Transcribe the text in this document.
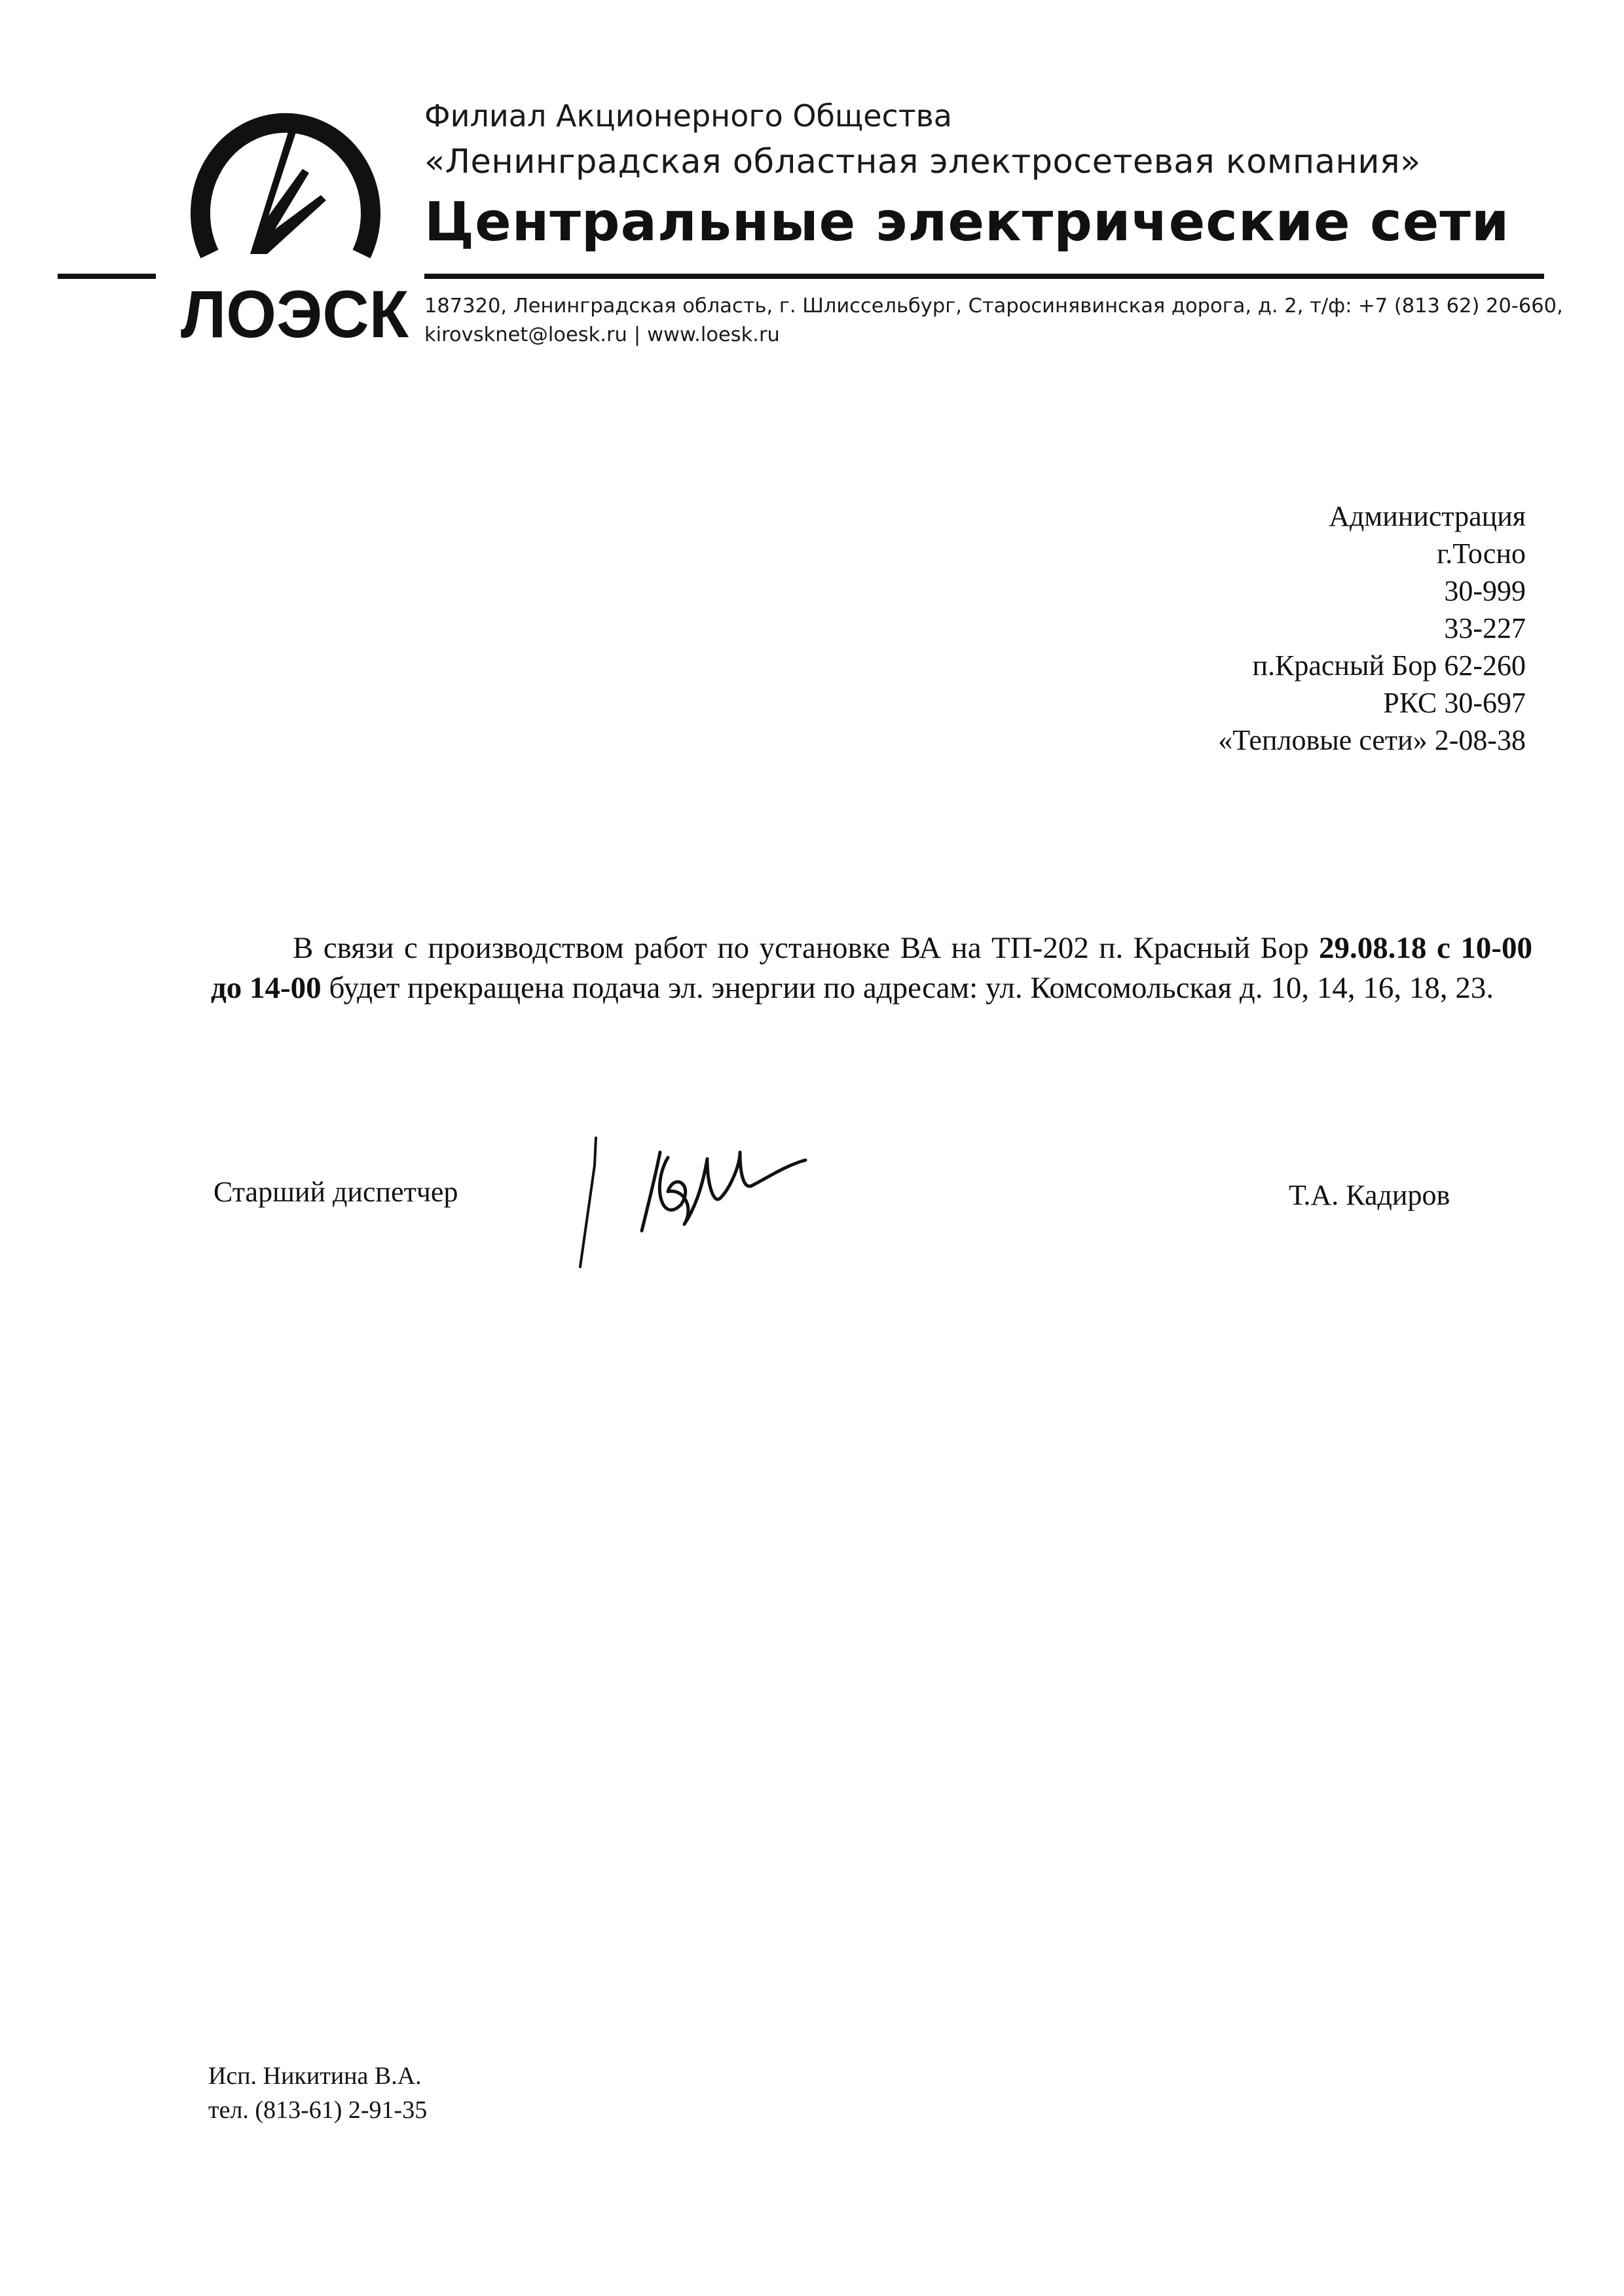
ЛОЭСК
Филиал Акционерного Общества
«Ленинградская областная электросетевая компания»
Центральные электрические сети
187320, Ленинградская область, г. Шлиссельбург, Старосинявинская дорога, д. 2, т/ф: +7 (813 62) 20-660,
kirovsknet@loesk.ru | www.loesk.ru
Администрация
г.Тосно
30-999
33-227
п.Красный Бор 62-260
РКС 30-697
«Тепловые сети» 2-08-38
В связи с производством работ по установке ВА на ТП-202 п. Красный Бор 29.08.18 с 10-00 до 14-00 будет прекращена подача эл. энергии по адресам: ул. Комсомольская д. 10, 14, 16, 18, 23.
Старший диспетчер	Т.А. Кадиров
Исп. Никитина В.А.
тел. (813-61) 2-91-35
